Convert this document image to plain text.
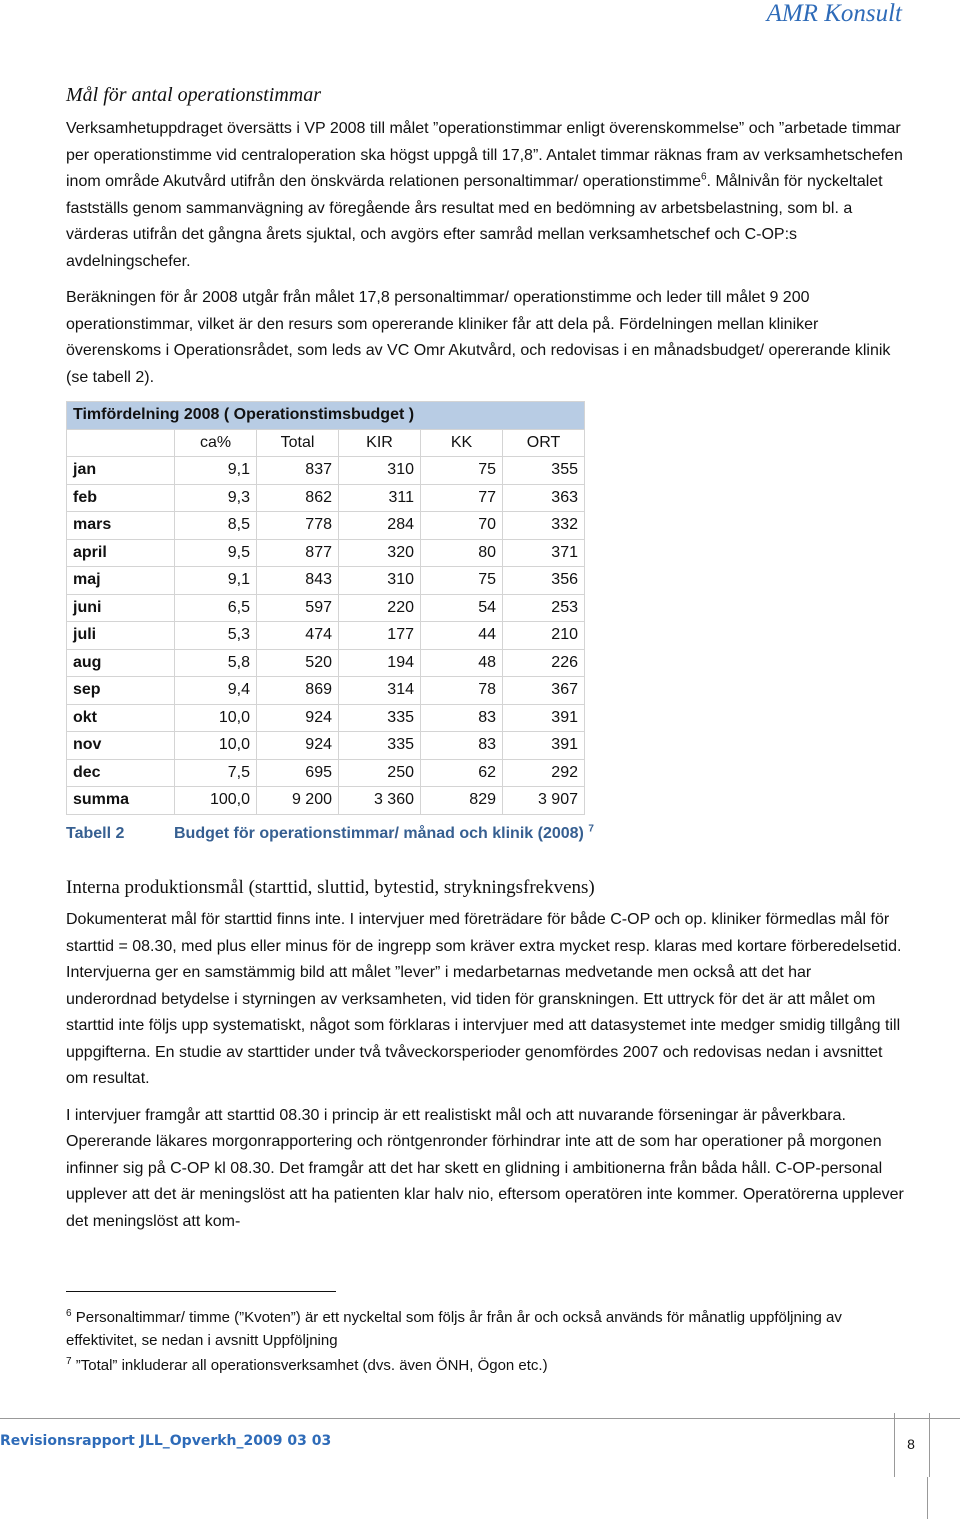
AMR Konsult
Mål för antal operationstimmar

Verksamhetuppdraget översätts i VP 2008 till målet ”operationstimmar enligt överenskommelse” och ”arbetade timmar per operationstimme vid centraloperation ska högst uppgå till 17,8”. Antalet timmar räknas fram av verksamhetschefen inom område Akutvård utifrån den önskvärda relationen personaltimmar/ operationstimme$^6$. Målnivån för nyckeltalet fastställs genom sammanvägning av föregående års resultat med en bedömning av arbetsbelastning, som bl. a värderas utifrån det gångna årets sjuktal, och avgörs efter samråd mellan verksamhetschef och C-OP:s avdelningschefer.

Beräkningen för år 2008 utgår från målet 17,8 personaltimmar/ operationstimme och leder till målet 9 200 operationstimmar, vilket är den resurs som opererande kliniker får att dela på. Fördelningen mellan kliniker överenskoms i Operationsrådet, som leds av VC Omr Akutvård, och redovisas i en månadsbudget/ opererande klinik (se tabell 2).

Timfördelning 2008 ( Operationstimsbudget )					
	ca%	Total	KIR	KK	ORT
jan	9,1	837	310	75	355
feb	9,3	862	311	77	363
mars	8,5	778	284	70	332
april	9,5	877	320	80	371
maj	9,1	843	310	75	356
juni	6,5	597	220	54	253
juli	5,3	474	177	44	210
aug	5,8	520	194	48	226
sep	9,4	869	314	78	367
okt	10,0	924	335	83	391
nov	10,0	924	335	83	391
dec	7,5	695	250	62	292
summa	100,0	9 200	3 360	829	3 907
Tabell 2	Budget för operationstimmar/ månad och klinik (2008) $^7$
Interna produktionsmål (starttid, sluttid, bytestid, strykningsfrekvens)

Dokumenterat mål för starttid finns inte. I intervjuer med företrädare för både C-OP och op. kliniker förmedlas mål för starttid = 08.30, med plus eller minus för de ingrepp som kräver extra mycket resp. klaras med kortare förberedelsetid. Intervjuerna ger en samstämmig bild att målet ”lever” i medarbetarnas medvetande men också att det har underordnad betydelse i styrningen av verksamheten, vid tiden för granskningen. Ett uttryck för det är att målet om starttid inte följs upp systematiskt, något som förklaras i intervjuer med att datasystemet inte medger smidig tillgång till uppgifterna. En studie av starttider under två tvåveckorsperioder genomfördes 2007 och redovisas nedan i avsnittet om resultat.

I intervjuer framgår att starttid 08.30 i princip är ett realistiskt mål och att nuvarande förseningar är påverkbara. Opererande läkares morgonrapportering och röntgenronder förhindrar inte att de som har operationer på morgonen infinner sig på C-OP kl 08.30. Det framgår att det har skett en glidning i ambitionerna från båda håll. C-OP-personal upplever att det är meningslöst att ha patienten klar halv nio, eftersom operatören inte kommer. Operatörerna upplever det meningslöst att kom-

$^6$ Personaltimmar/ timme (”Kvoten”) är ett nyckeltal som följs år från år och också används för månatlig uppföljning av effektivitet, se nedan i avsnitt Uppföljning

$^7$ ”Total” inkluderar all operationsverksamhet (dvs. även ÖNH, Ögon etc.)

Revisionsrapport JLL_Opverkh_2009 03 03	8
